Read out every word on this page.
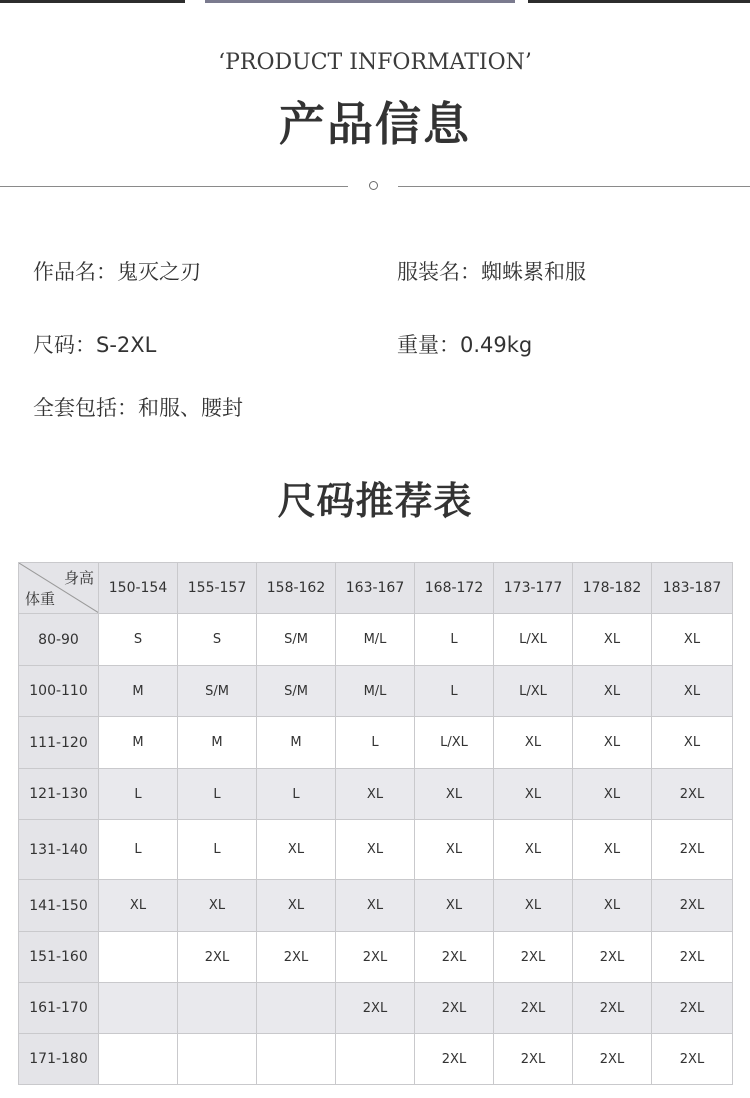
‘PRODUCT INFORMATION’
产品信息
作品名：鬼灭之刃	服装名：蜘蛛累和服
尺码：S-2XL	重量：0.49kg
全套包括：和服、腰封
尺码推荐表
身高
体重	150-154	155-157	158-162	163-167	168-172	173-177	178-182	183-187
80-90	S	S	S/M	M/L	L	L/XL	XL	XL
100-110	M	S/M	S/M	M/L	L	L/XL	XL	XL
111-120	M	M	M	L	L/XL	XL	XL	XL
121-130	L	L	L	XL	XL	XL	XL	2XL
131-140	L	L	XL	XL	XL	XL	XL	2XL
141-150	XL	XL	XL	XL	XL	XL	XL	2XL
151-160		2XL	2XL	2XL	2XL	2XL	2XL	2XL
161-170				2XL	2XL	2XL	2XL	2XL
171-180					2XL	2XL	2XL	2XL
